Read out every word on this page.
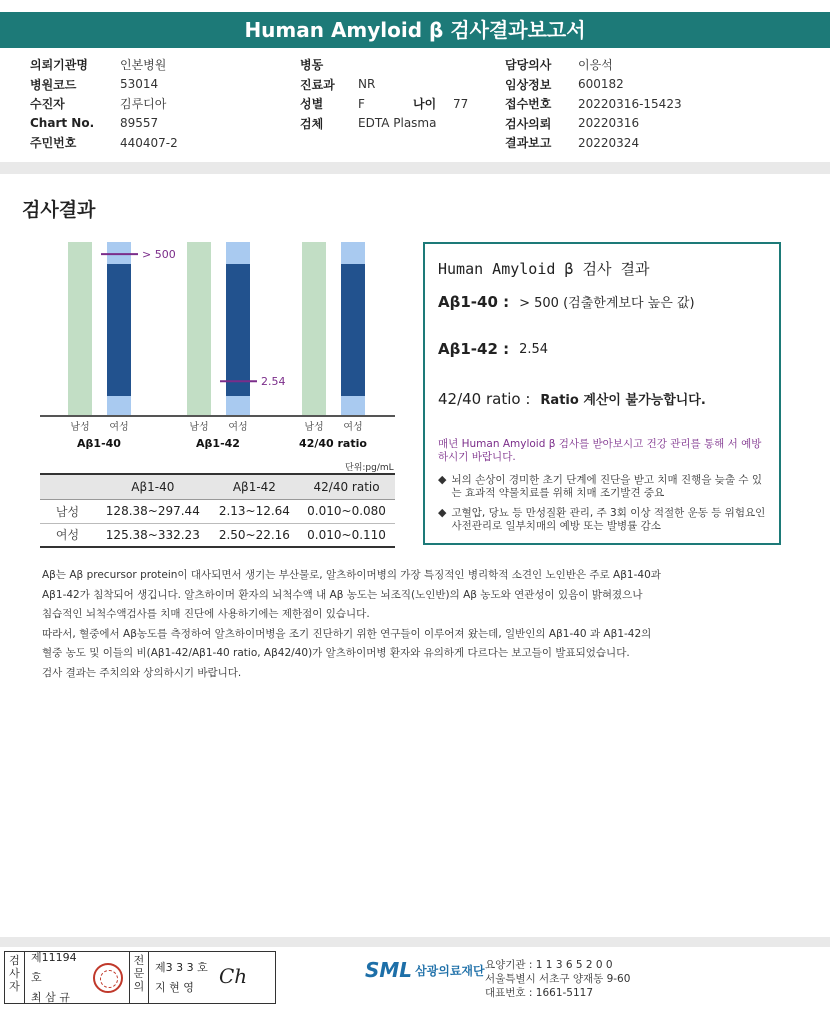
Human Amyloid β 검사결과보고서
의뢰기관명	인본병원
병원코드	53014
수진자	김루디아
Chart No.	89557
주민번호	440407-2
병동
진료과	NR
성별	F	나이	77
검체	EDTA Plasma
담당의사	이응석
임상정보	600182
접수번호	20220316-15423
검사의뢰	20220316
결과보고	20220324
검사결과
남성 여성
Aβ1-40
남성 여성
Aβ1-42
남성 여성
42/40 ratio
> 500
2.54
단위:pg/mL
	Aβ1-40	Aβ1-42	42/40 ratio
남성	128.38~297.44	2.13~12.64	0.010~0.080
여성	125.38~332.23	2.50~22.16	0.010~0.110
Human Amyloid β 검사 결과
Aβ1-40 : > 500 (검출한계보다 높은 값)
Aβ1-42 : 2.54
42/40 ratio : Ratio 계산이 불가능합니다.
매년 Human Amyloid β 검사를 받아보시고 건강 관리를 통해 서 예방하시기 바랍니다.
◆ 뇌의 손상이 경미한 초기 단계에 진단을 받고 치매 진행을 늦출 수 있는 효과적 약물치료를 위해 치매 조기발견 중요
◆ 고혈압, 당뇨 등 만성질환 관리, 주 3회 이상 적절한 운동 등 위험요인 사전관리로 일부치매의 예방 또는 발병률 감소
Aβ는 Aβ precursor protein이 대사되면서 생기는 부산물로, 알츠하이머병의 가장 특징적인 병리학적 소견인 노인반은 주로 Aβ1-40과
Aβ1-42가 침착되어 생깁니다. 알츠하이머 환자의 뇌척수액 내 Aβ 농도는 뇌조직(노인반)의 Aβ 농도와 연관성이 있음이 밝혀졌으나
침습적인 뇌척수액검사를 치매 진단에 사용하기에는 제한점이 있습니다.
따라서, 혈중에서 Aβ농도를 측정하여 알츠하이머병을 조기 진단하기 위한 연구들이 이루어져 왔는데, 일반인의 Aβ1-40 과 Aβ1-42의
혈중 농도 및 이들의 비(Aβ1-42/Aβ1-40 ratio, Aβ42/40)가 알츠하이머병 환자와 유의하게 다르다는 보고들이 발표되었습니다.
검사 결과는 주치의와 상의하시기 바랍니다.
검사자
제11194호
최 삼 규
전문의
제3 3 3 호
지 현 영	Ch	SML 삼광의료재단 요양기관 : 1 1 3 6 5 2 0 0
서울특별시 서초구 양재동 9-60
대표번호 : 1661-5117
